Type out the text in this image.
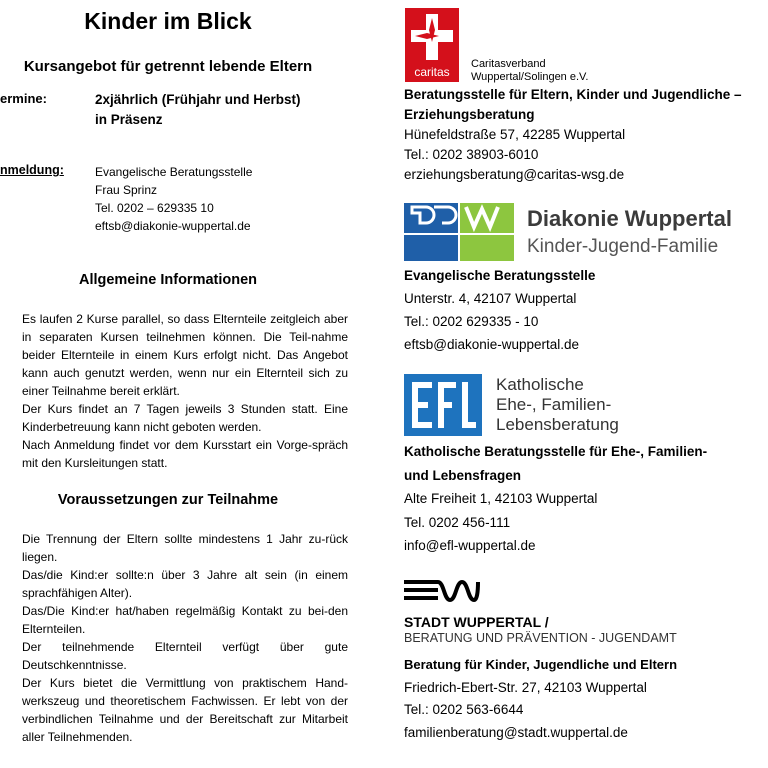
Kinder im Blick
Kursangebot für getrennt lebende Eltern
ermine:	2xjährlich (Frühjahr und Herbst)
in Präsenz
nmeldung:	Evangelische Beratungsstelle
Frau Sprinz
Tel. 0202 – 629335 10
eftsb@diakonie-wuppertal.de
Allgemeine Informationen

Es laufen 2 Kurse parallel, so dass Elternteile zeitgleich aber in separaten Kursen teilnehmen können. Die Teil-nahme beider Elternteile in einem Kurs erfolgt nicht. Das Angebot kann auch genutzt werden, wenn nur ein Elternteil sich zu einer Teilnahme bereit erklärt.

Der Kurs findet an 7 Tagen jeweils 3 Stunden statt. Eine Kinderbetreuung kann nicht geboten werden.

Nach Anmeldung findet vor dem Kursstart ein Vorge-spräch mit den Kursleitungen statt.

Voraussetzungen zur Teilnahme

Die Trennung der Eltern sollte mindestens 1 Jahr zu-rück liegen.

Das/die Kind:er sollte:n über 3 Jahre alt sein (in einem sprachfähigen Alter).

Das/Die Kind:er hat/haben regelmäßig Kontakt zu bei-den Elternteilen.

Der teilnehmende Elternteil verfügt über gute Deutschkenntnisse.

Der Kurs bietet die Vermittlung von praktischem Hand-werkszeug und theoretischem Fachwissen. Er lebt von der verbindlichen Teilnahme und der Bereitschaft zur Mitarbeit aller Teilnehmenden.

caritas
Caritasverband
Wuppertal/Solingen e.V.
Beratungsstelle für Eltern, Kinder und Jugendliche –
Erziehungsberatung
Hünefeldstraße 57, 42285 Wuppertal
Tel.: 0202 38903-6010
erziehungsberatung@caritas-wsg.de
Diakonie Wuppertal
Kinder-Jugend-Familie
Evangelische Beratungsstelle
Unterstr. 4, 42107 Wuppertal
Tel.: 0202 629335 - 10
eftsb@diakonie-wuppertal.de
Katholische
Ehe-, Familien-
Lebensberatung
Katholische Beratungsstelle für Ehe-, Familien-
und Lebensfragen
Alte Freiheit 1, 42103 Wuppertal
Tel. 0202 456-111
info@efl-wuppertal.de
STADT WUPPERTAL /
BERATUNG UND PRÄVENTION - JUGENDAMT
Beratung für Kinder, Jugendliche und Eltern
Friedrich-Ebert-Str. 27, 42103 Wuppertal
Tel.: 0202 563-6644
familienberatung@stadt.wuppertal.de
